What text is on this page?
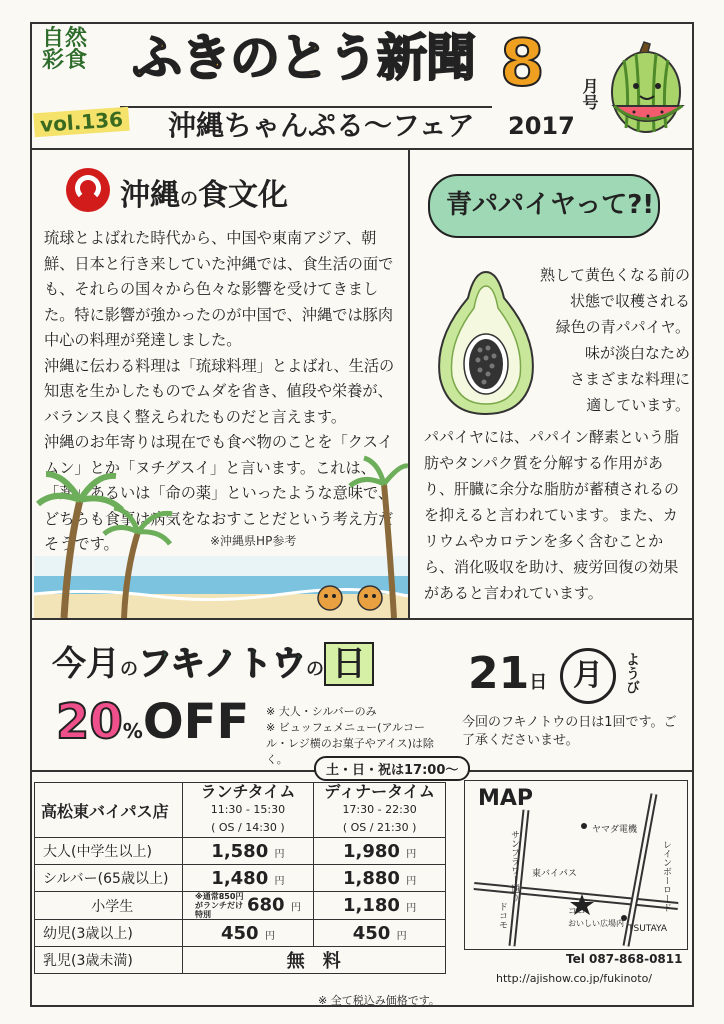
自然
彩食 ふきのとう新聞 8 月号
vol.136 沖縄ちゃんぷる〜フェア 2017
沖縄の食文化

琉球とよばれた時代から、中国や東南アジア、朝鮮、日本と行き来していた沖縄では、食生活の面でも、それらの国々から色々な影響を受けてきました。特に影響が強かったのが中国で、沖縄では豚肉中心の料理が発達しました。

沖縄に伝わる料理は「琉球料理」とよばれ、生活の知恵を生かしたものでムダを省き、値段や栄養が、バランス良く整えられたものだと言えます。

沖縄のお年寄りは現在でも食べ物のことを「クスイムン」とか「ヌチグスイ」と言います。これは、「薬」あるいは「命の薬」といったような意味で、どちらも食事は病気をなおすことだという考え方だそうです。	※沖縄県HP参考
青パパイヤって?!

熟して黄色くなる前の

状態で収穫される

緑色の青パパイヤ。

味が淡白なため

さまざまな料理に

適しています。

パパイヤには、パパイン酵素という脂肪やタンパク質を分解する作用があり、肝臓に余分な脂肪が蓄積されるのを抑えると言われています。また、カリウムやカロテンを多く含むことから、消化吸収を助け、疲労回復の効果があると言われています。
今月のフキノトウの 日
20%OFF ※ 大人・シルバーのみ
※ ビュッフェメニュー(アルコール・レジ横のお菓子やアイス)は除く。
21日 月	ようび
今回のフキノトウの日は1回です。ご了承くださいませ。
高松東バイパス店	ランチタイム
11:30 - 15:30
( OS / 14:30 )	ディナータイム
17:30 - 22:30
( OS / 21:30 )

大人(中学生以上)	1,580 円	1,980 円
シルバー(65歳以上)	1,480 円	1,880 円
小学生	※通常850円がランチだけ特別 680 円	1,180 円
幼児(3歳以上)	450 円	450 円
乳児(3歳未満)	無　料	
土・日・祝は17:00〜
※ 全て税込み価格です。
MAP
ヤマダ電機
レインボーロード
サンフラワー通り 東バイパス
ココ
おいしい広場内
ドコモ	TSUTAYA
Tel 087-868-0811
http://ajishow.co.jp/fukinoto/
